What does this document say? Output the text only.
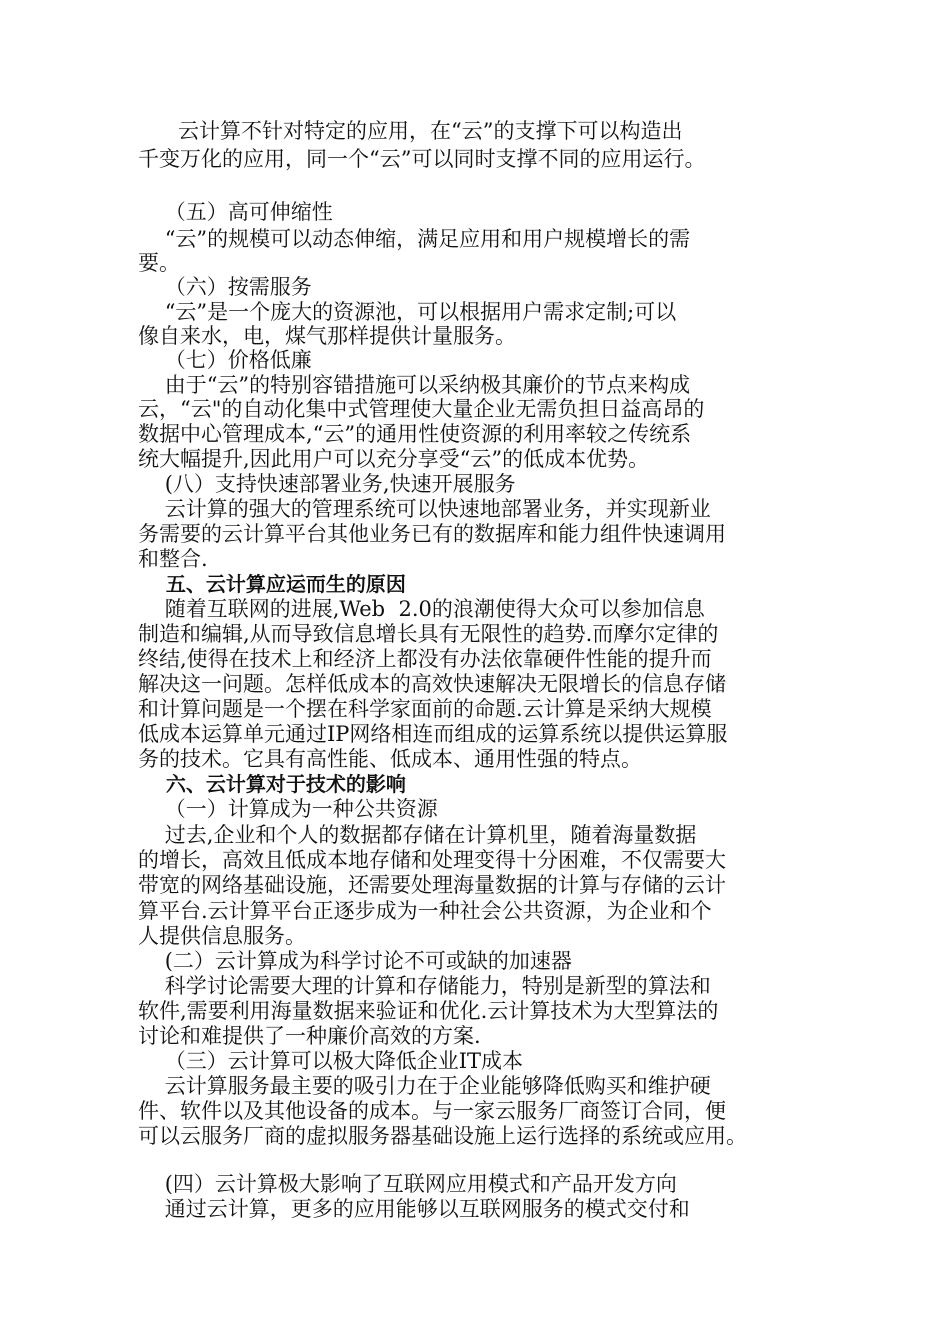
云计算不针对特定的应用，在“云”的支撑下可以构造出
千变万化的应用，同一个“云”可以同时支撑不同的应用运行。
（五）高可伸缩性
“云”的规模可以动态伸缩，满足应用和用户规模增长的需
要。
（六）按需服务
“云”是一个庞大的资源池，可以根据用户需求定制;可以
像自来水，电，煤气那样提供计量服务。
（七）价格低廉
由于“云”的特别容错措施可以采纳极其廉价的节点来构成
云，“云"的自动化集中式管理使大量企业无需负担日益高昂的
数据中心管理成本,“云”的通用性使资源的利用率较之传统系
统大幅提升,因此用户可以充分享受“云”的低成本优势。
(八）支持快速部署业务,快速开展服务
云计算的强大的管理系统可以快速地部署业务，并实现新业
务需要的云计算平台其他业务已有的数据库和能力组件快速调用
和整合.
五、云计算应运而生的原因
随着互联网的进展,Web  2.0的浪潮使得大众可以参加信息
制造和编辑,从而导致信息增长具有无限性的趋势.而摩尔定律的
终结,使得在技术上和经济上都没有办法依靠硬件性能的提升而
解决这一问题。怎样低成本的高效快速解决无限增长的信息存储
和计算问题是一个摆在科学家面前的命题.云计算是采纳大规模
低成本运算单元通过IP网络相连而组成的运算系统以提供运算服
务的技术。它具有高性能、低成本、通用性强的特点。
六、云计算对于技术的影响
（一）计算成为一种公共资源
过去,企业和个人的数据都存储在计算机里，随着海量数据
的增长，高效且低成本地存储和处理变得十分困难，不仅需要大
带宽的网络基础设施，还需要处理海量数据的计算与存储的云计
算平台.云计算平台正逐步成为一种社会公共资源，为企业和个
人提供信息服务。
(二）云计算成为科学讨论不可或缺的加速器
科学讨论需要大理的计算和存储能力，特别是新型的算法和
软件,需要利用海量数据来验证和优化.云计算技术为大型算法的
讨论和难提供了一种廉价高效的方案.
（三）云计算可以极大降低企业IT成本
云计算服务最主要的吸引力在于企业能够降低购买和维护硬
件、软件以及其他设备的成本。与一家云服务厂商签订合同，便
可以云服务厂商的虚拟服务器基础设施上运行选择的系统或应用。
(四）云计算极大影响了互联网应用模式和产品开发方向
通过云计算，更多的应用能够以互联网服务的模式交付和
